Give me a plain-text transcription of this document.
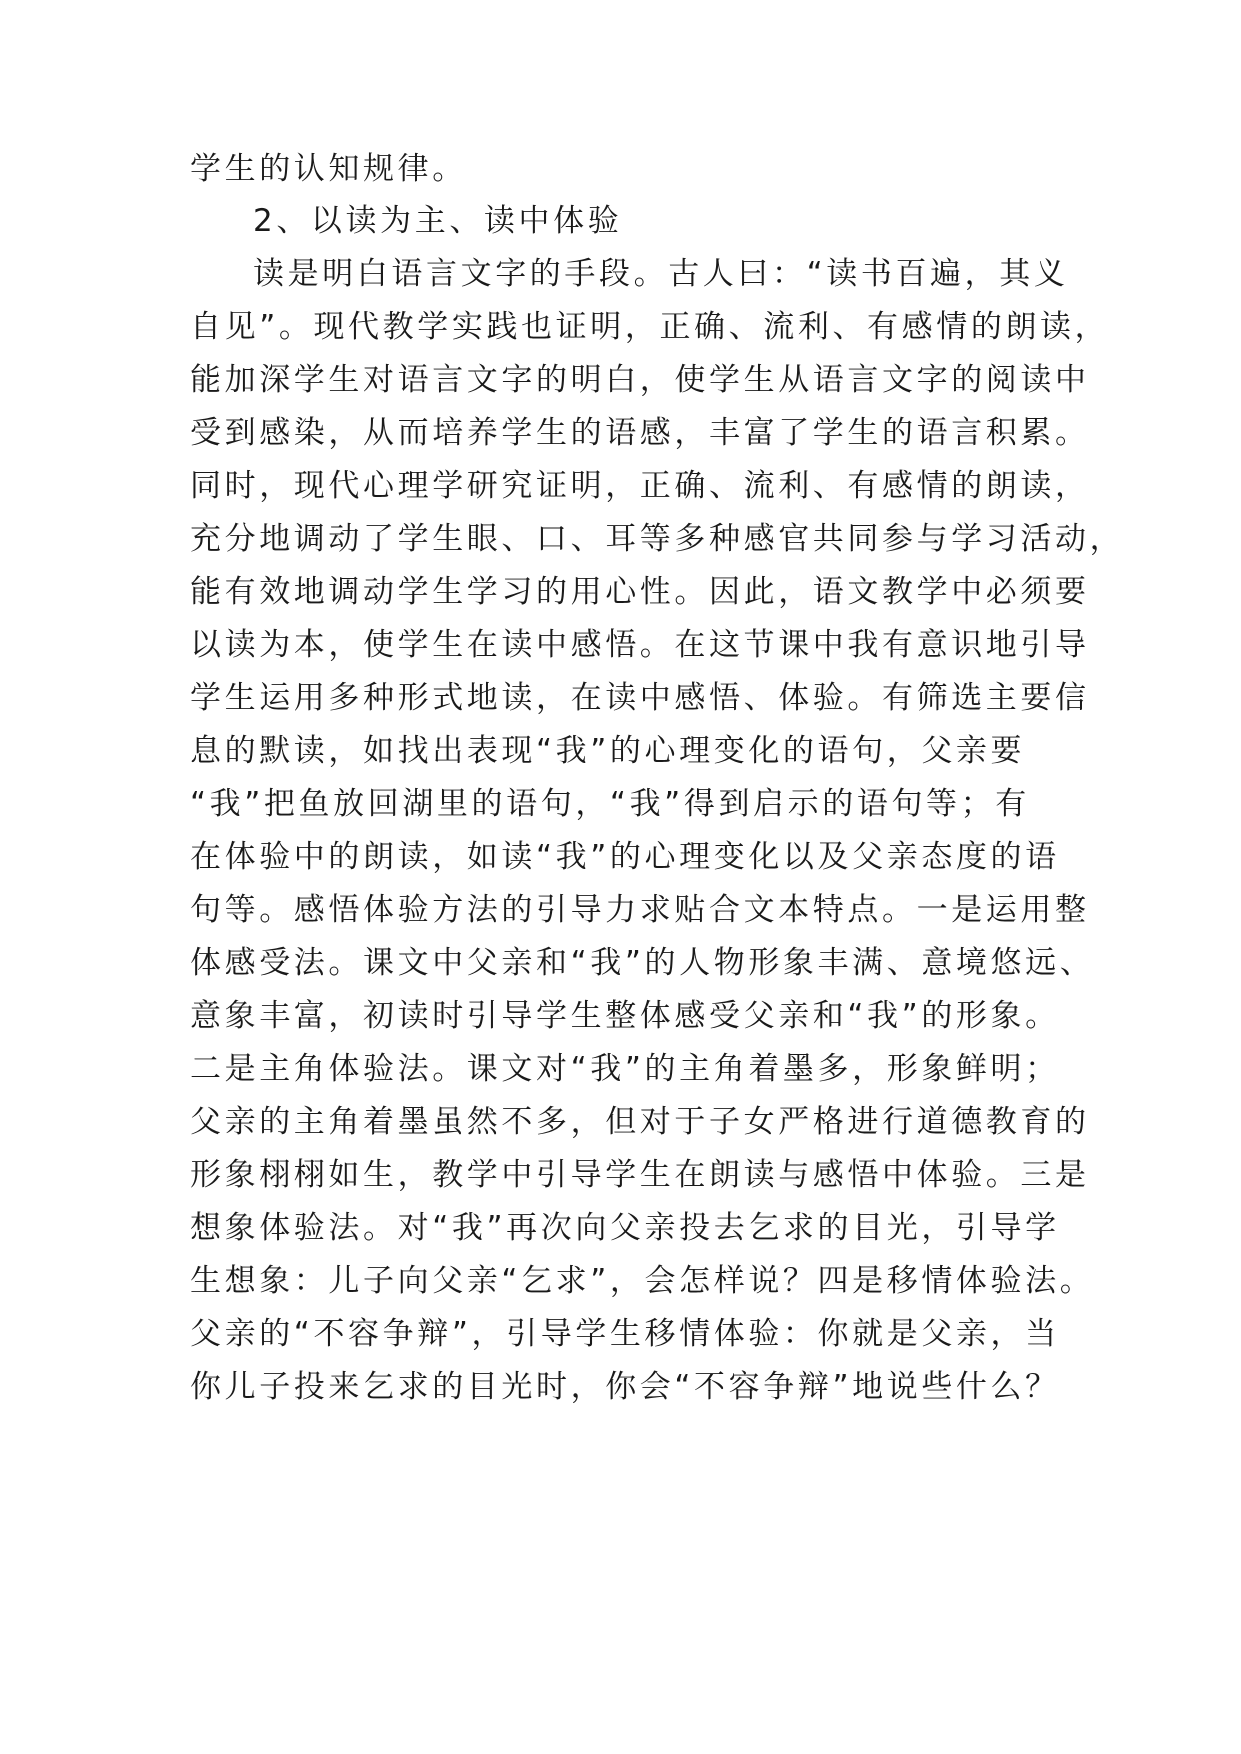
学生的认知规律。

2、以读为主、读中体验

读是明白语言文字的手段。古人曰：“读书百遍，其义

自见”。现代教学实践也证明，正确、流利、有感情的朗读，

能加深学生对语言文字的明白，使学生从语言文字的阅读中

受到感染，从而培养学生的语感，丰富了学生的语言积累。

同时，现代心理学研究证明，正确、流利、有感情的朗读，

充分地调动了学生眼、口、耳等多种感官共同参与学习活动，

能有效地调动学生学习的用心性。因此，语文教学中必须要

以读为本，使学生在读中感悟。在这节课中我有意识地引导

学生运用多种形式地读，在读中感悟、体验。有筛选主要信

息的默读，如找出表现“我”的心理变化的语句，父亲要

“我”把鱼放回湖里的语句，“我”得到启示的语句等；有

在体验中的朗读，如读“我”的心理变化以及父亲态度的语

句等。感悟体验方法的引导力求贴合文本特点。一是运用整

体感受法。课文中父亲和“我”的人物形象丰满、意境悠远、

意象丰富，初读时引导学生整体感受父亲和“我”的形象。

二是主角体验法。课文对“我”的主角着墨多，形象鲜明；

父亲的主角着墨虽然不多，但对于子女严格进行道德教育的

形象栩栩如生，教学中引导学生在朗读与感悟中体验。三是

想象体验法。对“我”再次向父亲投去乞求的目光，引导学

生想象：儿子向父亲“乞求”，会怎样说？四是移情体验法。

父亲的“不容争辩”，引导学生移情体验：你就是父亲，当

你儿子投来乞求的目光时，你会“不容争辩”地说些什么？
